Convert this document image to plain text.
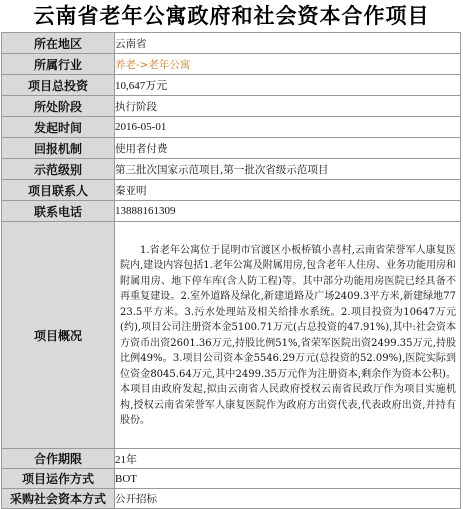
云南省老年公寓政府和社会资本合作项目
所在地区	云南省
所属行业	养老->老年公寓
项目总投资	10,647万元
所处阶段	执行阶段
发起时间	2016-05-01
回报机制	使用者付费
示范级别	第三批次国家示范项目,第一批次省级示范项目
项目联系人	秦亚明
联系电话	13888161309
项目概况	1.省老年公寓位于昆明市官渡区小板桥镇小喜村,云南省荣誉军人康复医院内,建设内容包括1.老年公寓及附属用房,包含老年人住房、业务功能用房和附属用房、地下停车库(含人防工程)等。其中部分功能用房医院已经具备不再重复建设。2.室外道路及绿化,新建道路及广场2409.3平方米,新建绿地7723.5平方米。3.污水处理站及相关给排水系统。2.项目投资为10647万元(约),项目公司注册资本金5100.71万元(占总投资的47.91%),其中:社会资本方资币出资2601.36万元,持股比例51%,省荣军医院出资2499.35万元,持股比例49%。3.项目公司资本金5546.29万元(总投资的52.09%),医院实际到位资金8045.64万元,其中2499.35万元作为注册资本,剩余作为资本公积)。本项目由政府发起,拟由云南省人民政府授权云南省民政厅作为项目实施机构,授权云南省荣誉军人康复医院作为政府方出资代表,代表政府出资,并持有股份。
合作期限	21年
项目运作方式	BOT
采购社会资本方式	公开招标
